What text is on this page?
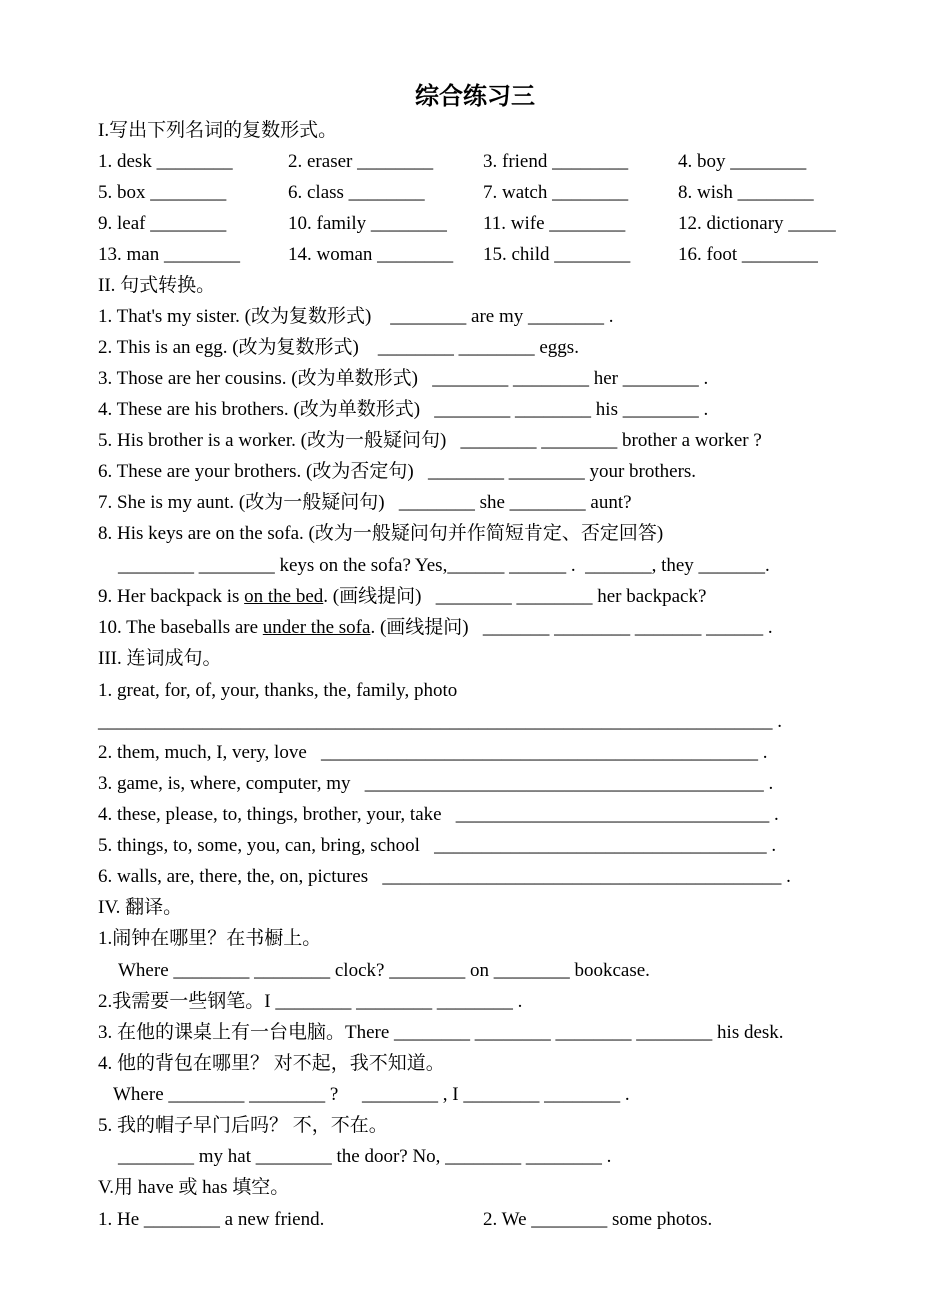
综合练习三
I.写出下列名词的复数形式。
1. desk ________	2. eraser ________	3. friend ________	4. boy ________
5. box ________	6. class ________	7. watch ________	8. wish ________
9. leaf ________	10. family ________ 11. wife ________	12. dictionary _____
13. man ________	14. woman ________ 15. child ________	16. foot ________
II. 句式转换。
1. That's my sister. (改为复数形式)    ________ are my ________ .
2. This is an egg. (改为复数形式)    ________ ________ eggs.
3. Those are her cousins. (改为单数形式)   ________ ________ her ________ .
4. These are his brothers. (改为单数形式)   ________ ________ his ________ .
5. His brother is a worker. (改为一般疑问句)   ________ ________ brother a worker ?
6. These are your brothers. (改为否定句)   ________ ________ your brothers.
7. She is my aunt. (改为一般疑问句)   ________ she ________ aunt?
8. His keys are on the sofa. (改为一般疑问句并作简短肯定、否定回答)
________ ________ keys on the sofa? Yes,______ ______ .  _______, they _______.
9. Her backpack is on the bed. (画线提问)   ________ ________ her backpack?
10. The baseballs are under the sofa. (画线提问)   _______ ________ _______ ______ .
III. 连词成句。
1. great, for, of, your, thanks, the, family, photo
_______________________________________________________________________ .
2. them, much, I, very, love   ______________________________________________ .
3. game, is, where, computer, my   __________________________________________ .
4. these, please, to, things, brother, your, take   _________________________________ .
5. things, to, some, you, can, bring, school   ___________________________________ .
6. walls, are, there, the, on, pictures   __________________________________________ .
IV. 翻译。
1.闹钟在哪里？在书橱上。
Where ________ ________ clock? ________ on ________ bookcase.
2.我需要一些钢笔。I ________ ________ ________ .
3. 在他的课桌上有一台电脑。There ________ ________ ________ ________ his desk.
4. 他的背包在哪里？ 对不起，我不知道。
Where ________ ________ ?     ________ , I ________ ________ .
5. 我的帽子早门后吗？ 不，不在。
________ my hat ________ the door? No, ________ ________ .
V.用 have 或 has 填空。
1. He ________ a new friend.	2. We ________ some photos.
